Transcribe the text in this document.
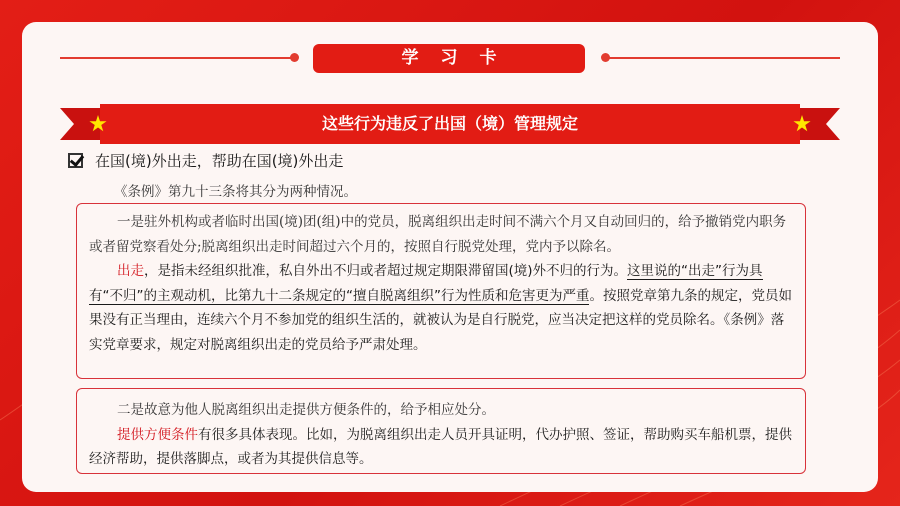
学习卡
这些行为违反了出国（境）管理规定
在国(境)外出走，帮助在国(境)外出走
《条例》第九十三条将其分为两种情况。

一是驻外机构或者临时出国(境)团(组)中的党员，脱离组织出走时间不满六个月又自动回归的，给予撤销党内职务或者留党察看处分;脱离组织出走时间超过六个月的，按照自行脱党处理，党内予以除名。

出走，是指未经组织批准，私自外出不归或者超过规定期限滞留国(境)外不归的行为。这里说的“出走”行为具有“不归”的主观动机，比第九十二条规定的“擅自脱离组织”行为性质和危害更为严重。按照党章第九条的规定，党员如果没有正当理由，连续六个月不参加党的组织生活的，就被认为是自行脱党，应当决定把这样的党员除名。《条例》落实党章要求，规定对脱离组织出走的党员给予严肃处理。

二是故意为他人脱离组织出走提供方便条件的，给予相应处分。

提供方便条件有很多具体表现。比如，为脱离组织出走人员开具证明，代办护照、签证，帮助购买车船机票，提供经济帮助，提供落脚点，或者为其提供信息等。
